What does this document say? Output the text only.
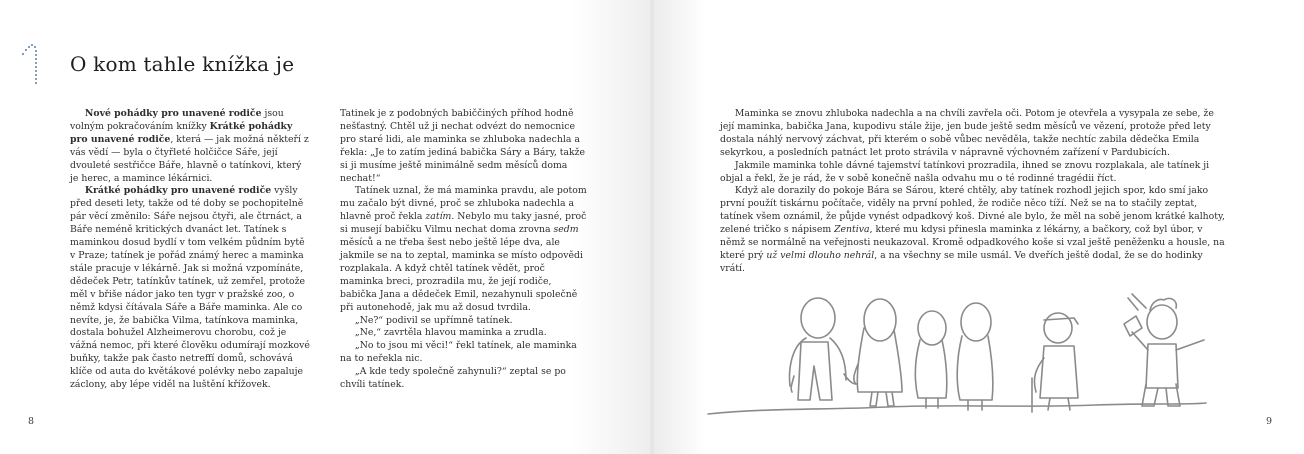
O kom tahle knížka je

Nové pohádky pro unavené rodiče jsou volným pokračováním knížky Krátké pohádky pro unavené rodiče, která — jak možná někteří z vás vědí — byla o čtyřleté holčičce Sáře, její dvouleté sestřičce Báře, hlavně o tatínkovi, který je herec, a mamince lékárnici.

Krátké pohádky pro unavené rodiče vyšly před deseti lety, takže od té doby se pochopitelně pár věcí změnilo: Sáře nejsou čtyři, ale čtrnáct, a Báře neméně kritických dvanáct let. Tatínek s maminkou dosud bydlí v tom velkém půdním bytě v Praze; tatínek je pořád známý herec a maminka stále pracuje v lékárně. Jak si možná vzpomínáte, dědeček Petr, tatínkův tatínek, už zemřel, protože měl v břiše nádor jako ten tygr v pražské zoo, o němž kdysi čítávala Sáře a Báře maminka. Ale co nevíte, je, že babička Vilma, tatínkova maminka, dostala bohužel Alzheimerovu chorobu, což je vážná nemoc, při které člověku odumírají mozkové buňky, takže pak často netreffí domů, schovává klíče od auta do květákové polévky nebo zapaluje záclony, aby lépe viděl na luštění křížovek.

Tatinek je z podobných babiččiných příhod hodně nešťastný. Chtěl už ji nechat odvézt do nemocnice pro staré lidi, ale maminka se zhluboka nadechla a řekla: „Je to zatím jediná babička Sáry a Báry, takže si ji musíme ještě minimálně sedm měsíců doma nechat!“

Tatínek uznal, že má maminka pravdu, ale potom mu začalo být divné, proč se zhluboka nadechla a hlavně proč řekla zatím. Nebylo mu taky jasné, proč si musejí babičku Vilmu nechat doma zrovna sedm měsíců a ne třeba šest nebo ještě lépe dva, ale jakmile se na to zeptal, maminka se místo odpovědi rozplakala. A když chtěl tatínek vědět, proč maminka breci, prozradila mu, že její rodiče, babička Jana a dědeček Emil, nezahynuli společně při autonehodě, jak mu až dosud tvrdila.

„Ne?“ podivil se upřímně tatínek.

„Ne,“ zavrtěla hlavou maminka a zrudla.

„No to jsou mi věci!“ řekl tatínek, ale maminka na to neřekla nic.

„A kde tedy společně zahynuli?“ zeptal se po chvíli tatínek.

8	9

Maminka se znovu zhluboka nadechla a na chvíli zavřela oči. Potom je otevřela a vysypala ze sebe, že její maminka, babička Jana, kupodivu stále žije, jen bude ještě sedm měsíců ve vězení, protože před lety dostala náhlý nervový záchvat, při kterém o sobě vůbec nevěděla, takže nechtíc zabila dědečka Emila sekyrkou, a posledních patnáct let proto strávila v nápravně výchovném zařízení v Pardubicích.

Jakmile maminka tohle dávné tajemství tatínkovi prozradila, ihned se znovu rozplakala, ale tatínek ji objal a řekl, že je rád, že v sobě konečně našla odvahu mu o té rodinné tragédii říct.

Když ale dorazily do pokoje Bára se Sárou, které chtěly, aby tatínek rozhodl jejich spor, kdo smí jako první použít tiskárnu počítače, viděly na první pohled, že rodiče něco tíží. Než se na to stačily zeptat, tatínek všem oznámil, že půjde vynést odpadkový koš. Divné ale bylo, že měl na sobě jenom krátké kalhoty, zelené tričko s nápisem Zentiva, které mu kdysi přinesla maminka z lékárny, a bačkory, což byl úbor, v němž se normálně na veřejnosti neukazoval. Kromě odpadkového koše si vzal ještě peněženku a housle, na které prý už velmi dlouho nehrál, a na všechny se mile usmál. Ve dveřích ještě dodal, že se do hodinky vrátí.
